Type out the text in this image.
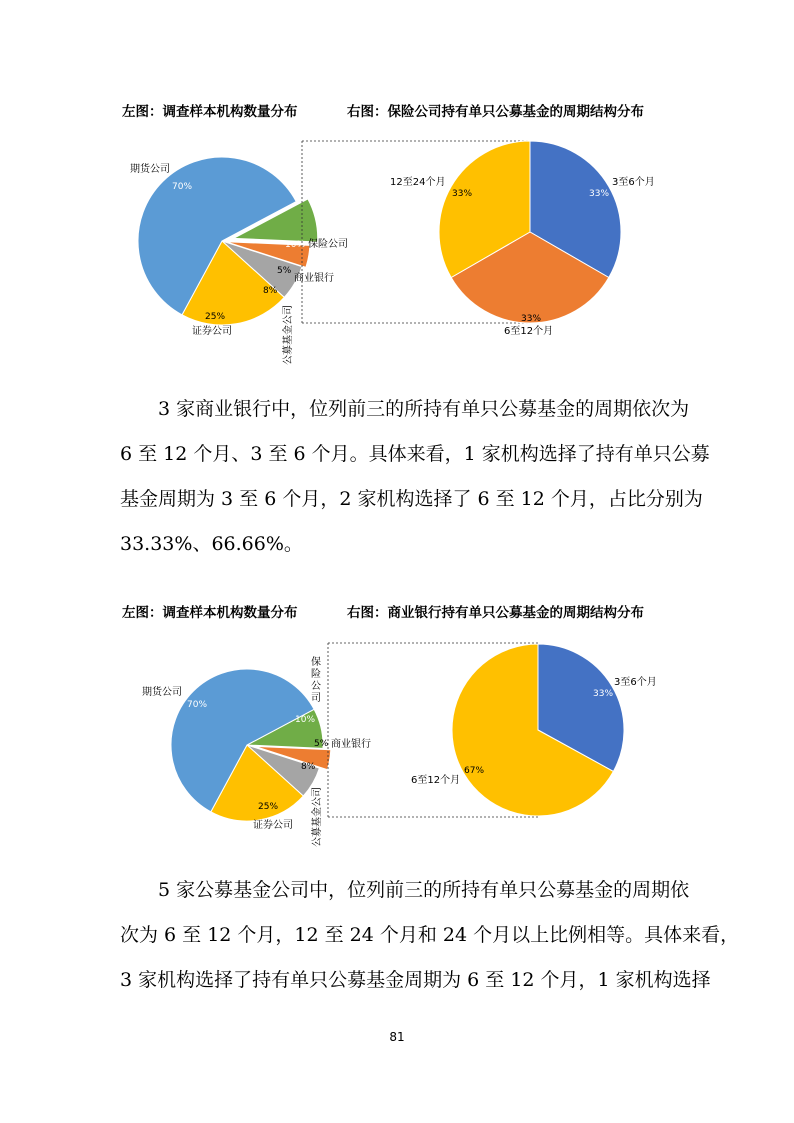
左图：调查样本机构数量分布	右图：保险公司持有单只公募基金的周期结构分布
期货公司
70%
10% 保险公司
5%
商业银行
8%
25%
证券公司	公募基金公司
3至6个月
33%
33%
6至12个月
12至24个月
33%

3 家商业银行中，位列前三的所持有单只公募基金的周期依次为
6 至 12 个月、3 至 6 个月。具体来看，1 家机构选择了持有单只公募
基金周期为 3 至 6 个月，2 家机构选择了 6 至 12 个月，占比分别为
33.33%、66.66%。

左图：调查样本机构数量分布	右图：商业银行持有单只公募基金的周期结构分布
期货公司
70%
10%
5% 商业银行
8%
25%
证券公司 公募基金公司
保险公司
3至6个月
33%
67%
6至12个月

5 家公募基金公司中，位列前三的所持有单只公募基金的周期依
次为 6 至 12 个月，12 至 24 个月和 24 个月以上比例相等。具体来看，
3 家机构选择了持有单只公募基金周期为 6 至 12 个月，1 家机构选择

81
